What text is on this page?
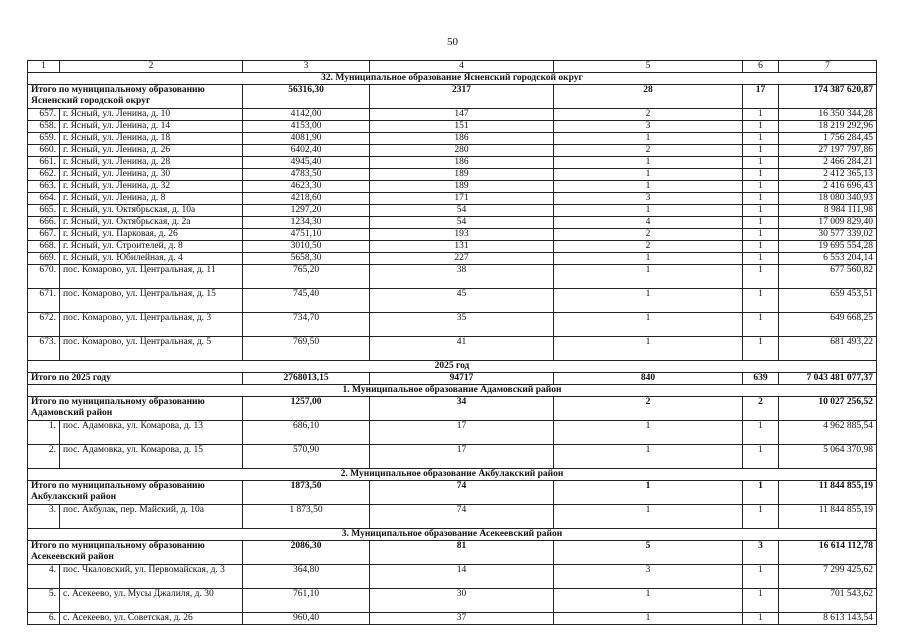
50
1	2	3	4	5	6	7
32. Муниципальное образование Ясненский городской округ						
Итого по муниципальному образованию Ясненский городской округ		56316,30	2317	28	17	174 387 620,87
657.	г. Ясный, ул. Ленина, д. 10	4142,00	147	2	1	16 350 344,28
658.	г. Ясный, ул. Ленина, д. 14	4153,00	151	3	1	18 219 292,96
659.	г. Ясный, ул. Ленина, д. 18	4081,90	186	1	1	1 756 284,45
660.	г. Ясный, ул. Ленина, д. 26	6402,40	280	2	1	27 197 797,86
661.	г. Ясный, ул. Ленина, д. 28	4945,40	186	1	1	2 466 284,21
662.	г. Ясный, ул. Ленина, д. 30	4783,50	189	1	1	2 412 365,13
663.	г. Ясный, ул. Ленина, д. 32	4623,30	189	1	1	2 416 696,43
664.	г. Ясный, ул. Ленина, д. 8	4218,60	171	3	1	18 080 340,93
665.	г. Ясный, ул. Октябрьская, д. 10а	1297,20	54	1	1	8 984 111,98
666.	г. Ясный, ул. Октябрьская, д. 2а	1234,30	54	4	1	17 009 829,40
667.	г. Ясный, ул. Парковая, д. 26	4751,10	193	2	1	30 577 339,02
668.	г. Ясный, ул. Строителей, д. 8	3010,50	131	2	1	19 695 554,28
669.	г. Ясный, ул. Юбилейная, д. 4	5658,30	227	1	1	6 553 204,14
670.	пос. Комарово, ул. Центральная, д. 11	765,20	38	1	1	677 560,82
671.	пос. Комарово, ул. Центральная, д. 15	745,40	45	1	1	659 453,51
672.	пос. Комарово, ул. Центральная, д. 3	734,70	35	1	1	649 668,25
673.	пос. Комарово, ул. Центральная, д. 5	769,50	41	1	1	681 493,22
2025 год						
Итого по 2025 году		2768013,15	94717	840	639	7 043 481 077,37
1. Муниципальное образование Адамовский район						
Итого по муниципальному образованию Адамовский район		1257,00	34	2	2	10 027 256,52
1.	пос. Адамовка, ул. Комарова, д. 13	686,10	17	1	1	4 962 885,54
2.	пос. Адамовка, ул. Комарова, д. 15	570,90	17	1	1	5 064 370,98
2. Муниципальное образование Акбулакский район						
Итого по муниципальному образованию Акбулакский район		1873,50	74	1	1	11 844 855,19
3.	пос. Акбулак, пер. Майский, д. 10а	1 873,50	74	1	1	11 844 855,19
3. Муниципальное образование Асекеевский район						
Итого по муниципальному образованию Асекеевский район		2086,30	81	5	3	16 614 112,78
4.	пос. Чкаловский, ул. Первомайская, д. 3	364,80	14	3	1	7 299 425,62
5.	с. Асекеево, ул. Мусы Джалиля, д. 30	761,10	30	1	1	701 543,62
6.	с. Асекеево, ул. Советская, д. 26	960,40	37	1	1	8 613 143,54
